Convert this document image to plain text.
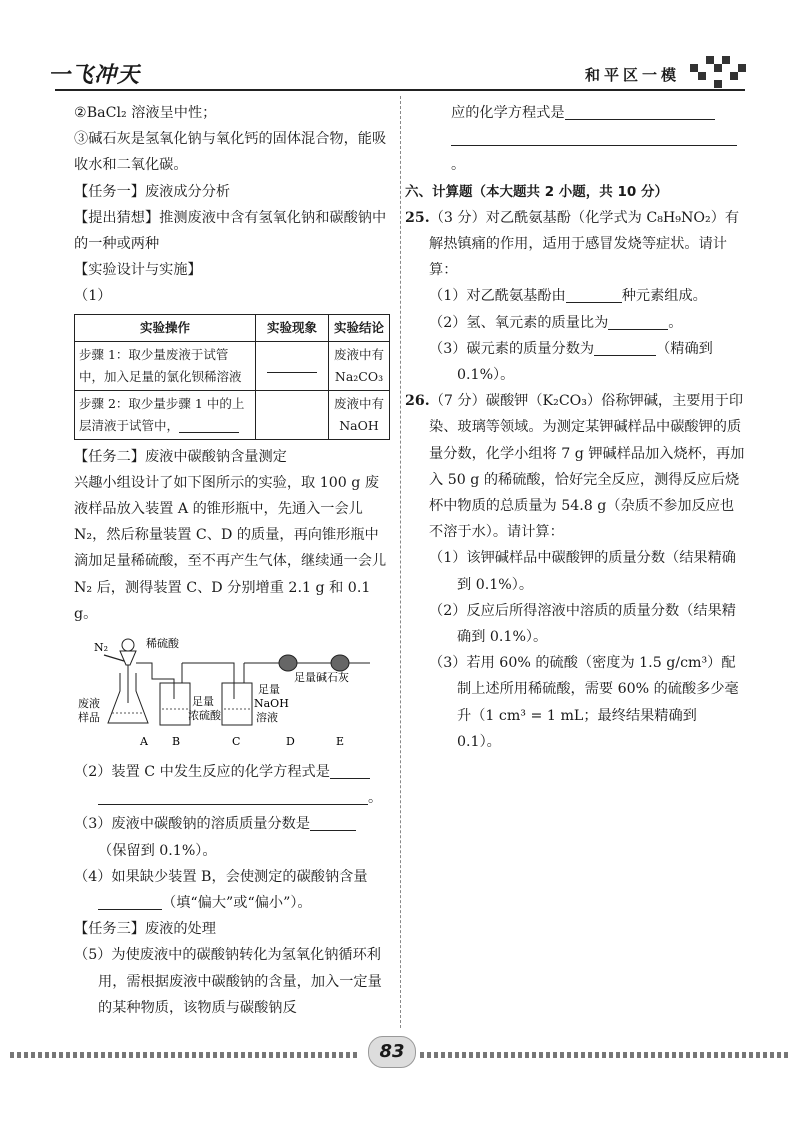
一飞冲天	和平区一模

②BaCl₂ 溶液呈中性；

③碱石灰是氢氧化钠与氧化钙的固体混合物，能吸收水和二氧化碳。

【任务一】废液成分分析

【提出猜想】推测废液中含有氢氧化钠和碳酸钠中的一种或两种

【实验设计与实施】

（1）

实验操作	实验现象	实验结论
步骤 1：取少量废液于试管中，加入足量的氯化钡稀溶液		废液中有 Na₂CO₃
步骤 2：取少量步骤 1 中的上层清液于试管中，		废液中有 NaOH

【任务二】废液中碳酸钠含量测定

兴趣小组设计了如下图所示的实验，取 100 g 废液样品放入装置 A 的锥形瓶中，先通入一会儿 N₂，然后称量装置 C、D 的质量，再向锥形瓶中滴加足量稀硫酸，至不再产生气体，继续通一会儿 N₂ 后，测得装置 C、D 分别增重 2.1 g 和 0.1 g。

N₂	稀硫酸
废液
样品
足量
浓硫酸
足量
NaOH
溶液
足量碱石灰
A B	C	D	E

（2）装置 C 中发生反应的化学方程式是
。

（3）废液中碳酸钠的溶质质量分数是
（保留到 0.1%）。

（4）如果缺少装置 B，会使测定的碳酸钠含量
（填“偏大”或“偏小”）。

【任务三】废液的处理

（5）为使废液中的碳酸钠转化为氢氧化钠循环利用，需根据废液中碳酸钠的含量，加入一定量的某种物质，该物质与碳酸钠反

应的化学方程式是
。

六、计算题（本大题共 2 小题，共 10 分）

25.（3 分）对乙酰氨基酚（化学式为 C₈H₉NO₂）有解热镇痛的作用，适用于感冒发烧等症状。请计算：

（1）对乙酰氨基酚由	种元素组成。

（2）氢、氧元素的质量比为	。

（3）碳元素的质量分数为	（精确到 0.1%）。

26.（7 分）碳酸钾（K₂CO₃）俗称钾碱，主要用于印染、玻璃等领域。为测定某钾碱样品中碳酸钾的质量分数，化学小组将 7 g 钾碱样品加入烧杯，再加入 50 g 的稀硫酸，恰好完全反应，测得反应后烧杯中物质的总质量为 54.8 g（杂质不参加反应也不溶于水）。请计算：

（1）该钾碱样品中碳酸钾的质量分数（结果精确到 0.1%）。

（2）反应后所得溶液中溶质的质量分数（结果精确到 0.1%）。

（3）若用 60% 的硫酸（密度为 1.5 g/cm³）配制上述所用稀硫酸，需要 60% 的硫酸多少毫升（1 cm³ = 1 mL；最终结果精确到 0.1）。

83
